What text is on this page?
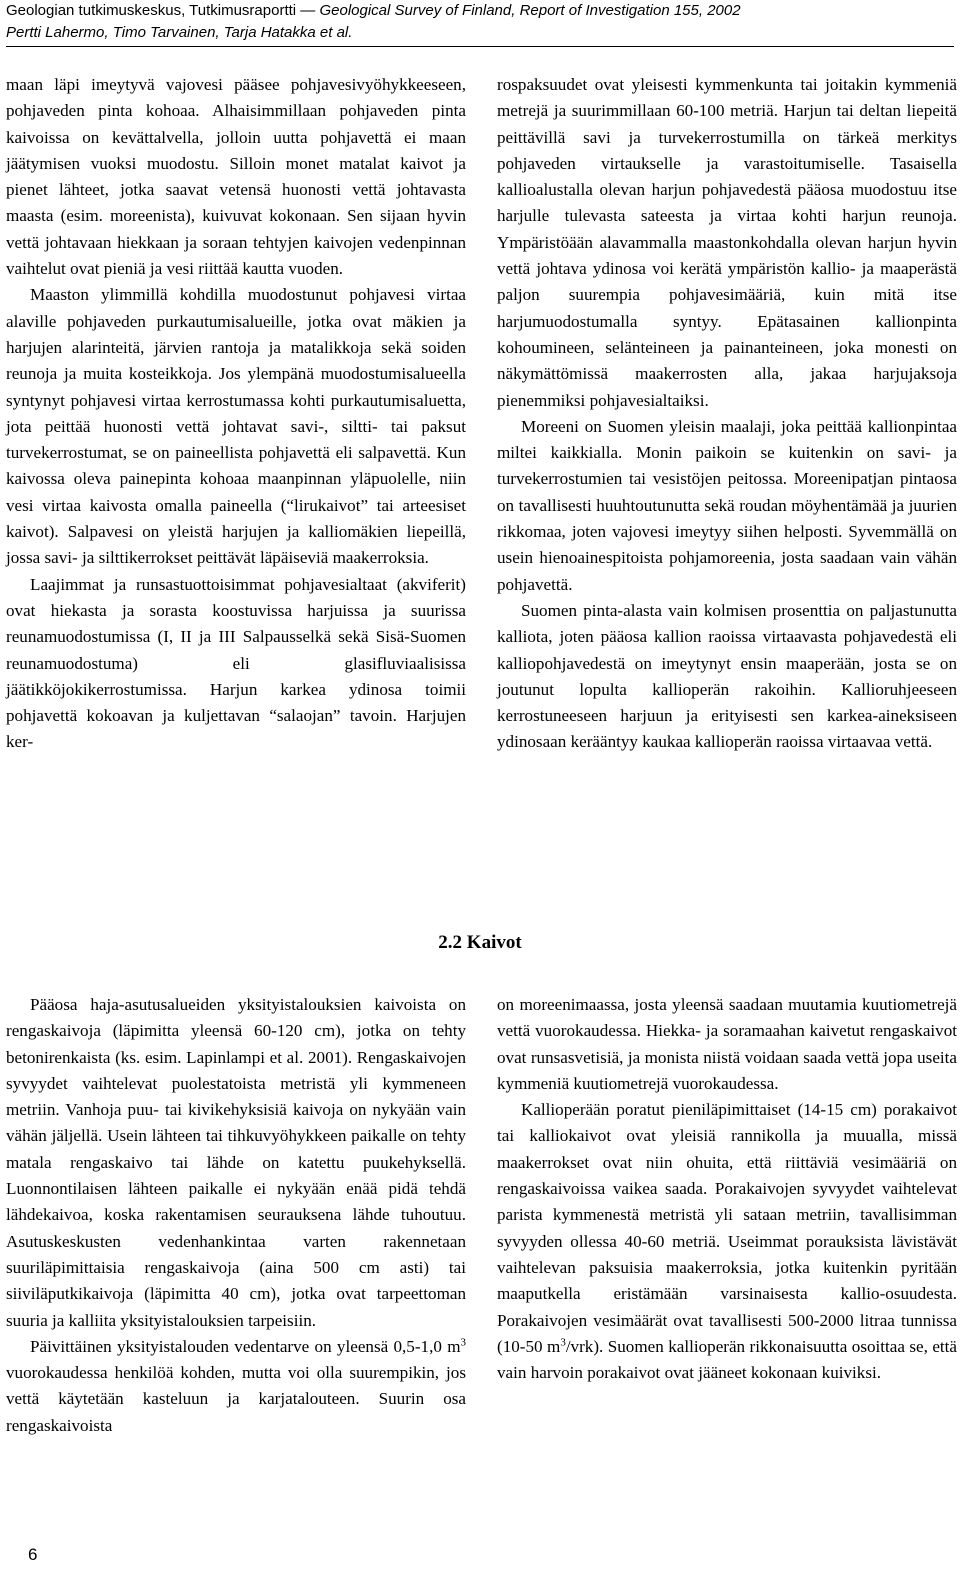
Geologian tutkimuskeskus, Tutkimusraportti — Geological Survey of Finland, Report of Investigation 155, 2002
Pertti Lahermo, Timo Tarvainen, Tarja Hatakka et al.

maan läpi imeytyvä vajovesi pääsee pohjavesivyöhykkeeseen, pohjaveden pinta kohoaa. Alhaisimmillaan pohjaveden pinta kaivoissa on kevättalvella, jolloin uutta pohjavettä ei maan jäätymisen vuoksi muodostu. Silloin monet matalat kaivot ja pienet lähteet, jotka saavat vetensä huonosti vettä johtavasta maasta (esim. moreenista), kuivuvat kokonaan. Sen sijaan hyvin vettä johtavaan hiekkaan ja soraan tehtyjen kaivojen vedenpinnan vaihtelut ovat pieniä ja vesi riittää kautta vuoden.

Maaston ylimmillä kohdilla muodostunut pohjavesi virtaa alaville pohjaveden purkautumisalueille, jotka ovat mäkien ja harjujen alarinteitä, järvien rantoja ja matalikkoja sekä soiden reunoja ja muita kosteikkoja. Jos ylempänä muodostumisalueella syntynyt pohjavesi virtaa kerrostumassa kohti purkautumisaluetta, jota peittää huonosti vettä johtavat savi-, siltti- tai paksut turvekerrostumat, se on paineellista pohjavettä eli salpavettä. Kun kaivossa oleva painepinta kohoaa maanpinnan yläpuolelle, niin vesi virtaa kaivosta omalla paineella (“lirukaivot” tai arteesiset kaivot). Salpavesi on yleistä harjujen ja kalliomäkien liepeillä, jossa savi- ja silttikerrokset peittävät läpäiseviä maakerroksia.

Laajimmat ja runsastuottoisimmat pohjavesialtaat (akviferit) ovat hiekasta ja sorasta koostuvissa harjuissa ja suurissa reunamuodostumissa (I, II ja III Salpausselkä sekä Sisä-Suomen reunamuodostuma) eli glasifluviaalisissa jäätikköjokikerrostumissa. Harjun karkea ydinosa toimii pohjavettä kokoavan ja kuljettavan “salaojan” tavoin. Harjujen ker-

rospaksuudet ovat yleisesti kymmenkunta tai joitakin kymmeniä metrejä ja suurimmillaan 60-100 metriä. Harjun tai deltan liepeitä peittävillä savi ja turvekerrostumilla on tärkeä merkitys pohjaveden virtaukselle ja varastoitumiselle. Tasaisella kallioalustalla olevan harjun pohjavedestä pääosa muodostuu itse harjulle tulevasta sateesta ja virtaa kohti harjun reunoja. Ympäristöään alavammalla maastonkohdalla olevan harjun hyvin vettä johtava ydinosa voi kerätä ympäristön kallio- ja maaperästä paljon suurempia pohjavesimääriä, kuin mitä itse harjumuodostumalla syntyy. Epätasainen kallionpinta kohoumineen, selänteineen ja painanteineen, joka monesti on näkymättömissä maakerrosten alla, jakaa harjujaksoja pienemmiksi pohjavesialtaiksi.

Moreeni on Suomen yleisin maalaji, joka peittää kallionpintaa miltei kaikkialla. Monin paikoin se kuitenkin on savi- ja turvekerrostumien tai vesistöjen peitossa. Moreenipatjan pintaosa on tavallisesti huuhtoutunutta sekä roudan möyhentämää ja juurien rikkomaa, joten vajovesi imeytyy siihen helposti. Syvemmällä on usein hienoainespitoista pohjamoreenia, josta saadaan vain vähän pohjavettä.

Suomen pinta-alasta vain kolmisen prosenttia on paljastunutta kalliota, joten pääosa kallion raoissa virtaavasta pohjavedestä eli kalliopohjavedestä on imeytynyt ensin maaperään, josta se on joutunut lopulta kallioperän rakoihin. Kallioruhjeeseen kerrostuneeseen harjuun ja erityisesti sen karkea-aineksiseen ydinosaan kerääntyy kaukaa kallioperän raoissa virtaavaa vettä.

2.2 Kaivot

Pääosa haja-asutusalueiden yksityistalouksien kaivoista on rengaskaivoja (läpimitta yleensä 60-120 cm), jotka on tehty betonirenkaista (ks. esim. Lapinlampi et al. 2001). Rengaskaivojen syvyydet vaihtelevat puolestatoista metristä yli kymmeneen metriin. Vanhoja puu- tai kivikehyksisiä kaivoja on nykyään vain vähän jäljellä. Usein lähteen tai tihkuvyöhykkeen paikalle on tehty matala rengaskaivo tai lähde on katettu puukehyksellä. Luonnontilaisen lähteen paikalle ei nykyään enää pidä tehdä lähdekaivoa, koska rakentamisen seurauksena lähde tuhoutuu. Asutuskeskusten vedenhankintaa varten rakennetaan suuriläpimittaisia rengaskaivoja (aina 500 cm asti) tai siiviläputkikaivoja (läpimitta 40 cm), jotka ovat tarpeettoman suuria ja kalliita yksityistalouksien tarpeisiin.

Päivittäinen yksityistalouden vedentarve on yleensä 0,5-1,0 $m^3$ vuorokaudessa henkilöä kohden, mutta voi olla suurempikin, jos vettä käytetään kasteluun ja karjatalouteen. Suurin osa rengaskaivoista

on moreenimaassa, josta yleensä saadaan muutamia kuutiometrejä vettä vuorokaudessa. Hiekka- ja soramaahan kaivetut rengaskaivot ovat runsasvetisiä, ja monista niistä voidaan saada vettä jopa useita kymmeniä kuutiometrejä vuorokaudessa.

Kallioperään poratut pieniläpimittaiset (14-15 cm) porakaivot tai kalliokaivot ovat yleisiä rannikolla ja muualla, missä maakerrokset ovat niin ohuita, että riittäviä vesimääriä on rengaskaivoissa vaikea saada. Porakaivojen syvyydet vaihtelevat parista kymmenestä metristä yli sataan metriin, tavallisimman syvyyden ollessa 40-60 metriä. Useimmat porauksista lävistävät vaihtelevan paksuisia maakerroksia, jotka kuitenkin pyritään maaputkella eristämään varsinaisesta kallio-osuudesta. Porakaivojen vesimäärät ovat tavallisesti 500-2000 litraa tunnissa (10-50 $m^3/vrk$). Suomen kallioperän rikkonaisuutta osoittaa se, että vain harvoin porakaivot ovat jääneet kokonaan kuiviksi.

6
